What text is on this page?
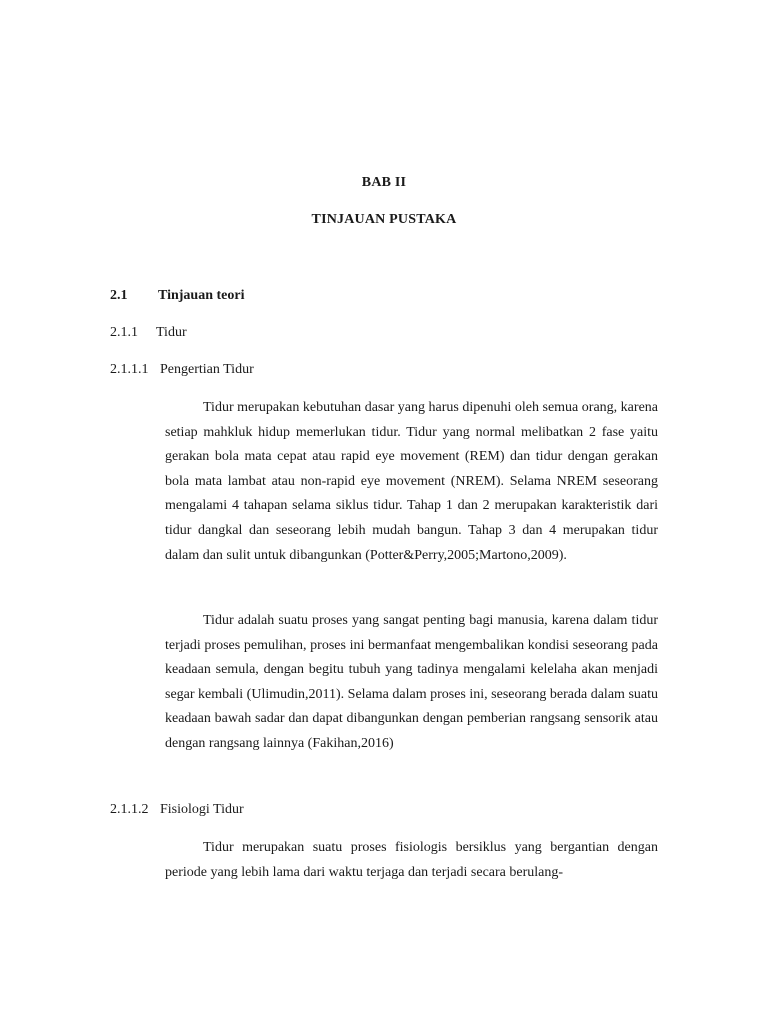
BAB II
TINJAUAN PUSTAKA
2.1 Tinjauan teori
2.1.1 Tidur
2.1.1.1 Pengertian Tidur

Tidur merupakan kebutuhan dasar yang harus dipenuhi oleh semua orang, karena setiap mahkluk hidup memerlukan tidur. Tidur yang normal melibatkan 2 fase yaitu gerakan bola mata cepat atau rapid eye movement (REM) dan tidur dengan gerakan bola mata lambat atau non-rapid eye movement (NREM). Selama NREM seseorang mengalami 4 tahapan selama siklus tidur. Tahap 1 dan 2 merupakan karakteristik dari tidur dangkal dan seseorang lebih mudah bangun. Tahap 3 dan 4 merupakan tidur dalam dan sulit untuk dibangunkan (Potter&Perry,2005;Martono,2009).

Tidur adalah suatu proses yang sangat penting bagi manusia, karena dalam tidur terjadi proses pemulihan, proses ini bermanfaat mengembalikan kondisi seseorang pada keadaan semula, dengan begitu tubuh yang tadinya mengalami kelelaha akan menjadi segar kembali (Ulimudin,2011). Selama dalam proses ini, seseorang berada dalam suatu keadaan bawah sadar dan dapat dibangunkan dengan pemberian rangsang sensorik atau dengan rangsang lainnya (Fakihan,2016)

2.1.1.2 Fisiologi Tidur

Tidur merupakan suatu proses fisiologis bersiklus yang bergantian dengan periode yang lebih lama dari waktu terjaga dan terjadi secara berulang-
